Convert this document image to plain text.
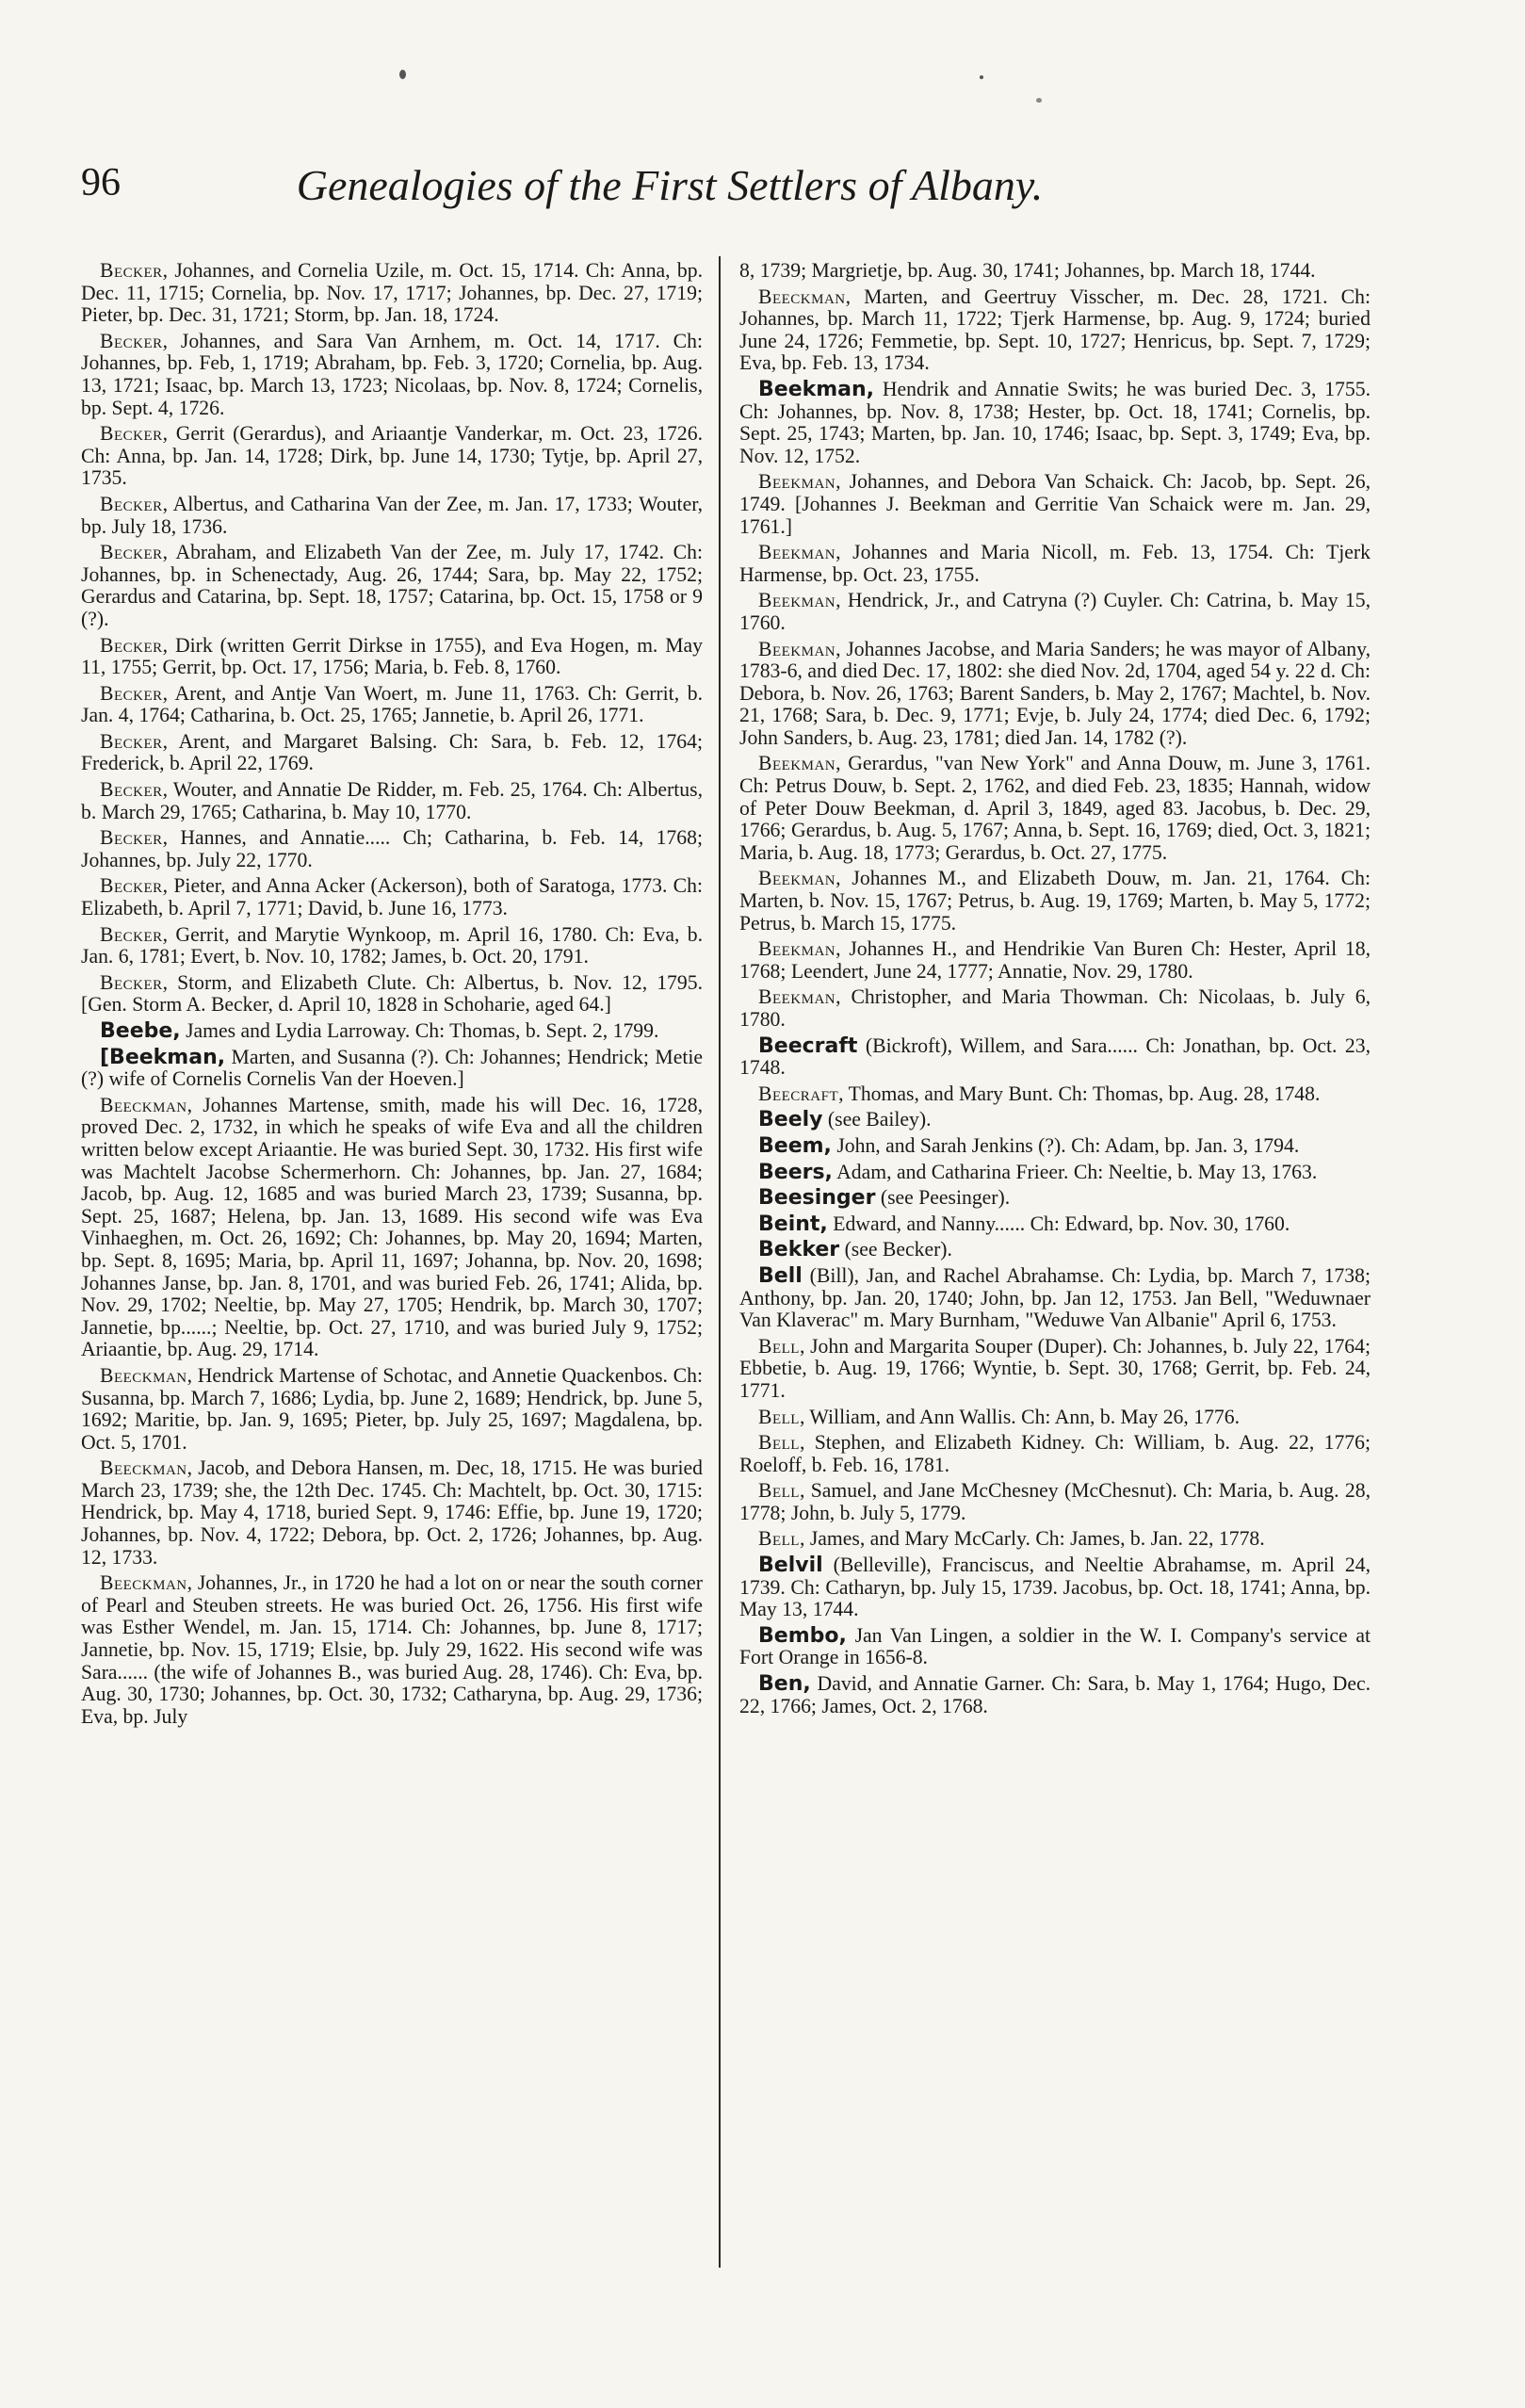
96	Genealogies of the First Settlers of Albany.

Becker, Johannes, and Cornelia Uzile, m. Oct. 15, 1714. Ch: Anna, bp. Dec. 11, 1715; Cornelia, bp. Nov. 17, 1717; Johannes, bp. Dec. 27, 1719; Pieter, bp. Dec. 31, 1721; Storm, bp. Jan. 18, 1724.

Becker, Johannes, and Sara Van Arnhem, m. Oct. 14, 1717. Ch: Johannes, bp. Feb, 1, 1719; Abraham, bp. Feb. 3, 1720; Cornelia, bp. Aug. 13, 1721; Isaac, bp. March 13, 1723; Nicolaas, bp. Nov. 8, 1724; Cornelis, bp. Sept. 4, 1726.

Becker, Gerrit (Gerardus), and Ariaantje Vanderkar, m. Oct. 23, 1726. Ch: Anna, bp. Jan. 14, 1728; Dirk, bp. June 14, 1730; Tytje, bp. April 27, 1735.

Becker, Albertus, and Catharina Van der Zee, m. Jan. 17, 1733; Wouter, bp. July 18, 1736.

Becker, Abraham, and Elizabeth Van der Zee, m. July 17, 1742. Ch: Johannes, bp. in Schenectady, Aug. 26, 1744; Sara, bp. May 22, 1752; Gerardus and Catarina, bp. Sept. 18, 1757; Catarina, bp. Oct. 15, 1758 or 9 (?).

Becker, Dirk (written Gerrit Dirkse in 1755), and Eva Hogen, m. May 11, 1755; Gerrit, bp. Oct. 17, 1756; Maria, b. Feb. 8, 1760.

Becker, Arent, and Antje Van Woert, m. June 11, 1763. Ch: Gerrit, b. Jan. 4, 1764; Catharina, b. Oct. 25, 1765; Jannetie, b. April 26, 1771.

Becker, Arent, and Margaret Balsing. Ch: Sara, b. Feb. 12, 1764; Frederick, b. April 22, 1769.

Becker, Wouter, and Annatie De Ridder, m. Feb. 25, 1764. Ch: Albertus, b. March 29, 1765; Catharina, b. May 10, 1770.

Becker, Hannes, and Annatie..... Ch; Catharina, b. Feb. 14, 1768; Johannes, bp. July 22, 1770.

Becker, Pieter, and Anna Acker (Ackerson), both of Saratoga, 1773. Ch: Elizabeth, b. April 7, 1771; David, b. June 16, 1773.

Becker, Gerrit, and Marytie Wynkoop, m. April 16, 1780. Ch: Eva, b. Jan. 6, 1781; Evert, b. Nov. 10, 1782; James, b. Oct. 20, 1791.

Becker, Storm, and Elizabeth Clute. Ch: Albertus, b. Nov. 12, 1795. [Gen. Storm A. Becker, d. April 10, 1828 in Schoharie, aged 64.]

Beebe, James and Lydia Larroway. Ch: Thomas, b. Sept. 2, 1799.

[Beekman, Marten, and Susanna (?). Ch: Johannes; Hendrick; Metie (?) wife of Cornelis Cornelis Van der Hoeven.]

Beeckman, Johannes Martense, smith, made his will Dec. 16, 1728, proved Dec. 2, 1732, in which he speaks of wife Eva and all the children written below except Ariaantie. He was buried Sept. 30, 1732. His first wife was Machtelt Jacobse Schermerhorn. Ch: Johannes, bp. Jan. 27, 1684; Jacob, bp. Aug. 12, 1685 and was buried March 23, 1739; Susanna, bp. Sept. 25, 1687; Helena, bp. Jan. 13, 1689. His second wife was Eva Vinhaeghen, m. Oct. 26, 1692; Ch: Johannes, bp. May 20, 1694; Marten, bp. Sept. 8, 1695; Maria, bp. April 11, 1697; Johanna, bp. Nov. 20, 1698; Johannes Janse, bp. Jan. 8, 1701, and was buried Feb. 26, 1741; Alida, bp. Nov. 29, 1702; Neeltie, bp. May 27, 1705; Hendrik, bp. March 30, 1707; Jannetie, bp......; Neeltie, bp. Oct. 27, 1710, and was buried July 9, 1752; Ariaantie, bp. Aug. 29, 1714.

Beeckman, Hendrick Martense of Schotac, and Annetie Quackenbos. Ch: Susanna, bp. March 7, 1686; Lydia, bp. June 2, 1689; Hendrick, bp. June 5, 1692; Maritie, bp. Jan. 9, 1695; Pieter, bp. July 25, 1697; Magdalena, bp. Oct. 5, 1701.

Beeckman, Jacob, and Debora Hansen, m. Dec, 18, 1715. He was buried March 23, 1739; she, the 12th Dec. 1745. Ch: Machtelt, bp. Oct. 30, 1715: Hendrick, bp. May 4, 1718, buried Sept. 9, 1746: Effie, bp. June 19, 1720; Johannes, bp. Nov. 4, 1722; Debora, bp. Oct. 2, 1726; Johannes, bp. Aug. 12, 1733.

Beeckman, Johannes, Jr., in 1720 he had a lot on or near the south corner of Pearl and Steuben streets. He was buried Oct. 26, 1756. His first wife was Esther Wendel, m. Jan. 15, 1714. Ch: Johannes, bp. June 8, 1717; Jannetie, bp. Nov. 15, 1719; Elsie, bp. July 29, 1622. His second wife was Sara...... (the wife of Johannes B., was buried Aug. 28, 1746). Ch: Eva, bp. Aug. 30, 1730; Johannes, bp. Oct. 30, 1732; Catharyna, bp. Aug. 29, 1736; Eva, bp. July

8, 1739; Margrietje, bp. Aug. 30, 1741; Johannes, bp. March 18, 1744.

Beeckman, Marten, and Geertruy Visscher, m. Dec. 28, 1721. Ch: Johannes, bp. March 11, 1722; Tjerk Harmense, bp. Aug. 9, 1724; buried June 24, 1726; Femmetie, bp. Sept. 10, 1727; Henricus, bp. Sept. 7, 1729; Eva, bp. Feb. 13, 1734.

Beekman, Hendrik and Annatie Swits; he was buried Dec. 3, 1755. Ch: Johannes, bp. Nov. 8, 1738; Hester, bp. Oct. 18, 1741; Cornelis, bp. Sept. 25, 1743; Marten, bp. Jan. 10, 1746; Isaac, bp. Sept. 3, 1749; Eva, bp. Nov. 12, 1752.

Beekman, Johannes, and Debora Van Schaick. Ch: Jacob, bp. Sept. 26, 1749. [Johannes J. Beekman and Gerritie Van Schaick were m. Jan. 29, 1761.]

Beekman, Johannes and Maria Nicoll, m. Feb. 13, 1754. Ch: Tjerk Harmense, bp. Oct. 23, 1755.

Beekman, Hendrick, Jr., and Catryna (?) Cuyler. Ch: Catrina, b. May 15, 1760.

Beekman, Johannes Jacobse, and Maria Sanders; he was mayor of Albany, 1783-6, and died Dec. 17, 1802: she died Nov. 2d, 1704, aged 54 y. 22 d. Ch: Debora, b. Nov. 26, 1763; Barent Sanders, b. May 2, 1767; Machtel, b. Nov. 21, 1768; Sara, b. Dec. 9, 1771; Evje, b. July 24, 1774; died Dec. 6, 1792; John Sanders, b. Aug. 23, 1781; died Jan. 14, 1782 (?).

Beekman, Gerardus, "van New York" and Anna Douw, m. June 3, 1761. Ch: Petrus Douw, b. Sept. 2, 1762, and died Feb. 23, 1835; Hannah, widow of Peter Douw Beekman, d. April 3, 1849, aged 83. Jacobus, b. Dec. 29, 1766; Gerardus, b. Aug. 5, 1767; Anna, b. Sept. 16, 1769; died, Oct. 3, 1821; Maria, b. Aug. 18, 1773; Gerardus, b. Oct. 27, 1775.

Beekman, Johannes M., and Elizabeth Douw, m. Jan. 21, 1764. Ch: Marten, b. Nov. 15, 1767; Petrus, b. Aug. 19, 1769; Marten, b. May 5, 1772; Petrus, b. March 15, 1775.

Beekman, Johannes H., and Hendrikie Van Buren Ch: Hester, April 18, 1768; Leendert, June 24, 1777; Annatie, Nov. 29, 1780.

Beekman, Christopher, and Maria Thowman. Ch: Nicolaas, b. July 6, 1780.

Beecraft (Bickroft), Willem, and Sara...... Ch: Jonathan, bp. Oct. 23, 1748.

Beecraft, Thomas, and Mary Bunt. Ch: Thomas, bp. Aug. 28, 1748.

Beely (see Bailey).

Beem, John, and Sarah Jenkins (?). Ch: Adam, bp. Jan. 3, 1794.

Beers, Adam, and Catharina Frieer. Ch: Neeltie, b. May 13, 1763.

Beesinger (see Peesinger).

Beint, Edward, and Nanny...... Ch: Edward, bp. Nov. 30, 1760.

Bekker (see Becker).

Bell (Bill), Jan, and Rachel Abrahamse. Ch: Lydia, bp. March 7, 1738; Anthony, bp. Jan. 20, 1740; John, bp. Jan 12, 1753. Jan Bell, "Weduwnaer Van Klaverac" m. Mary Burnham, "Weduwe Van Albanie" April 6, 1753.

Bell, John and Margarita Souper (Duper). Ch: Johannes, b. July 22, 1764; Ebbetie, b. Aug. 19, 1766; Wyntie, b. Sept. 30, 1768; Gerrit, bp. Feb. 24, 1771.

Bell, William, and Ann Wallis. Ch: Ann, b. May 26, 1776.

Bell, Stephen, and Elizabeth Kidney. Ch: William, b. Aug. 22, 1776; Roeloff, b. Feb. 16, 1781.

Bell, Samuel, and Jane McChesney (McChesnut). Ch: Maria, b. Aug. 28, 1778; John, b. July 5, 1779.

Bell, James, and Mary McCarly. Ch: James, b. Jan. 22, 1778.

Belvil (Belleville), Franciscus, and Neeltie Abrahamse, m. April 24, 1739. Ch: Catharyn, bp. July 15, 1739. Jacobus, bp. Oct. 18, 1741; Anna, bp. May 13, 1744.

Bembo, Jan Van Lingen, a soldier in the W. I. Company's service at Fort Orange in 1656-8.

Ben, David, and Annatie Garner. Ch: Sara, b. May 1, 1764; Hugo, Dec. 22, 1766; James, Oct. 2, 1768.
